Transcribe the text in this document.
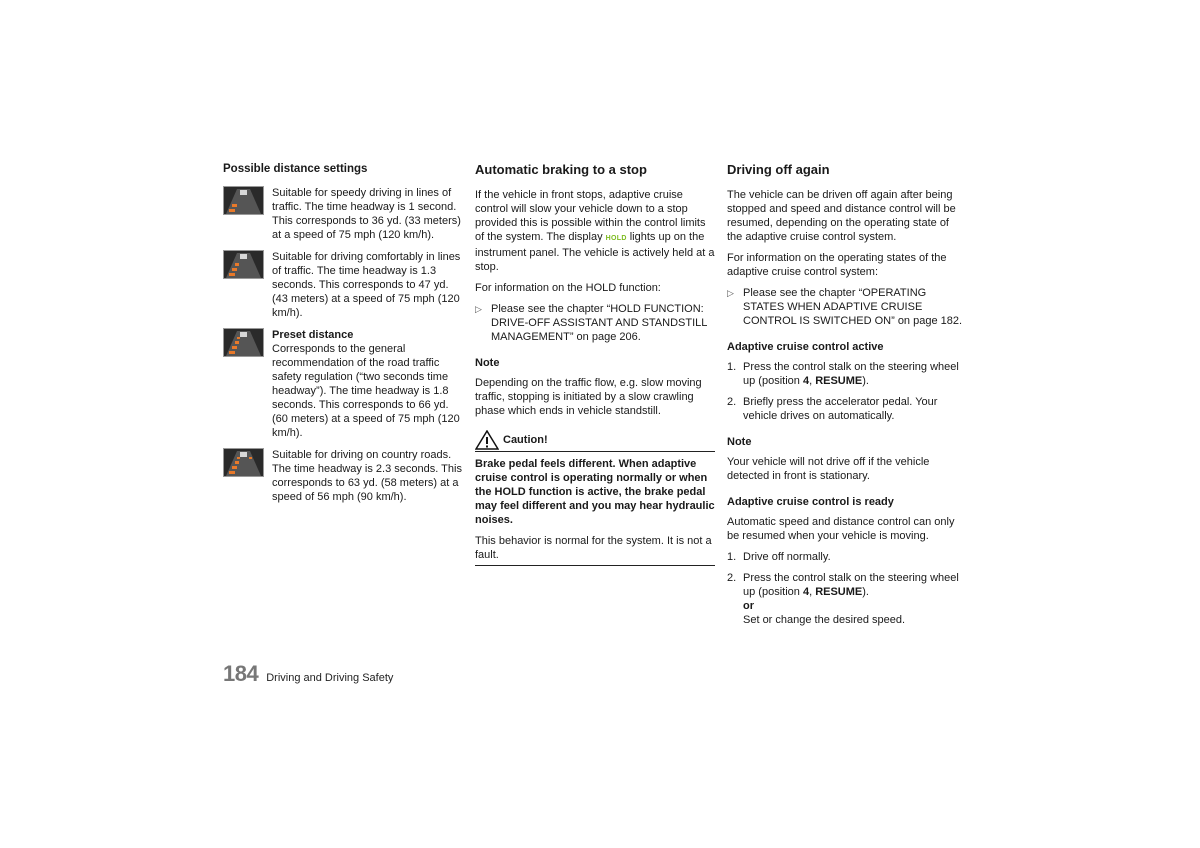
Possible distance settings
Suitable for speedy driving in lines of traffic. The time headway is 1 second. This corresponds to 36 yd. (33 meters) at a speed of 75 mph (120 km/h).
Suitable for driving comfortably in lines of traffic. The time headway is 1.3 seconds. This corresponds to 47 yd. (43 meters) at a speed of 75 mph (120 km/h).
Preset distance
Corresponds to the general recommendation of the road traffic safety regulation (“two seconds time headway”). The time headway is 1.8 seconds. This corresponds to 66 yd. (60 meters) at a speed of 75 mph (120 km/h).
Suitable for driving on country roads. The time headway is 2.3 seconds. This corresponds to 63 yd. (58 meters) at a speed of 56 mph (90 km/h).
Automatic braking to a stop
If the vehicle in front stops, adaptive cruise control will slow your vehicle down to a stop provided this is possible within the control limits of the system. The display HOLD lights up on the instrument panel. The vehicle is actively held at a stop.
For information on the HOLD function:
▷ Please see the chapter “HOLD FUNCTION: DRIVE-OFF ASSISTANT AND STANDSTILL MANAGEMENT” on page 206.
Note
Depending on the traffic flow, e.g. slow moving traffic, stopping is initiated by a slow crawling phase which ends in vehicle standstill.
Caution!
Brake pedal feels different. When adaptive cruise control is operating normally or when the HOLD function is active, the brake pedal may feel different and you may hear hydraulic noises.
This behavior is normal for the system. It is not a fault.
Driving off again
The vehicle can be driven off again after being stopped and speed and distance control will be resumed, depending on the operating state of the adaptive cruise control system.
For information on the operating states of the adaptive cruise control system:
▷ Please see the chapter “OPERATING STATES WHEN ADAPTIVE CRUISE CONTROL IS SWITCHED ON” on page 182.
Adaptive cruise control active
1. Press the control stalk on the steering wheel up (position 4, RESUME).
2. Briefly press the accelerator pedal. Your vehicle drives on automatically.
Note
Your vehicle will not drive off if the vehicle detected in front is stationary.
Adaptive cruise control is ready
Automatic speed and distance control can only be resumed when your vehicle is moving.
1. Drive off normally.
2. Press the control stalk on the steering wheel up (position 4, RESUME).
or
Set or change the desired speed.
184 Driving and Driving Safety
